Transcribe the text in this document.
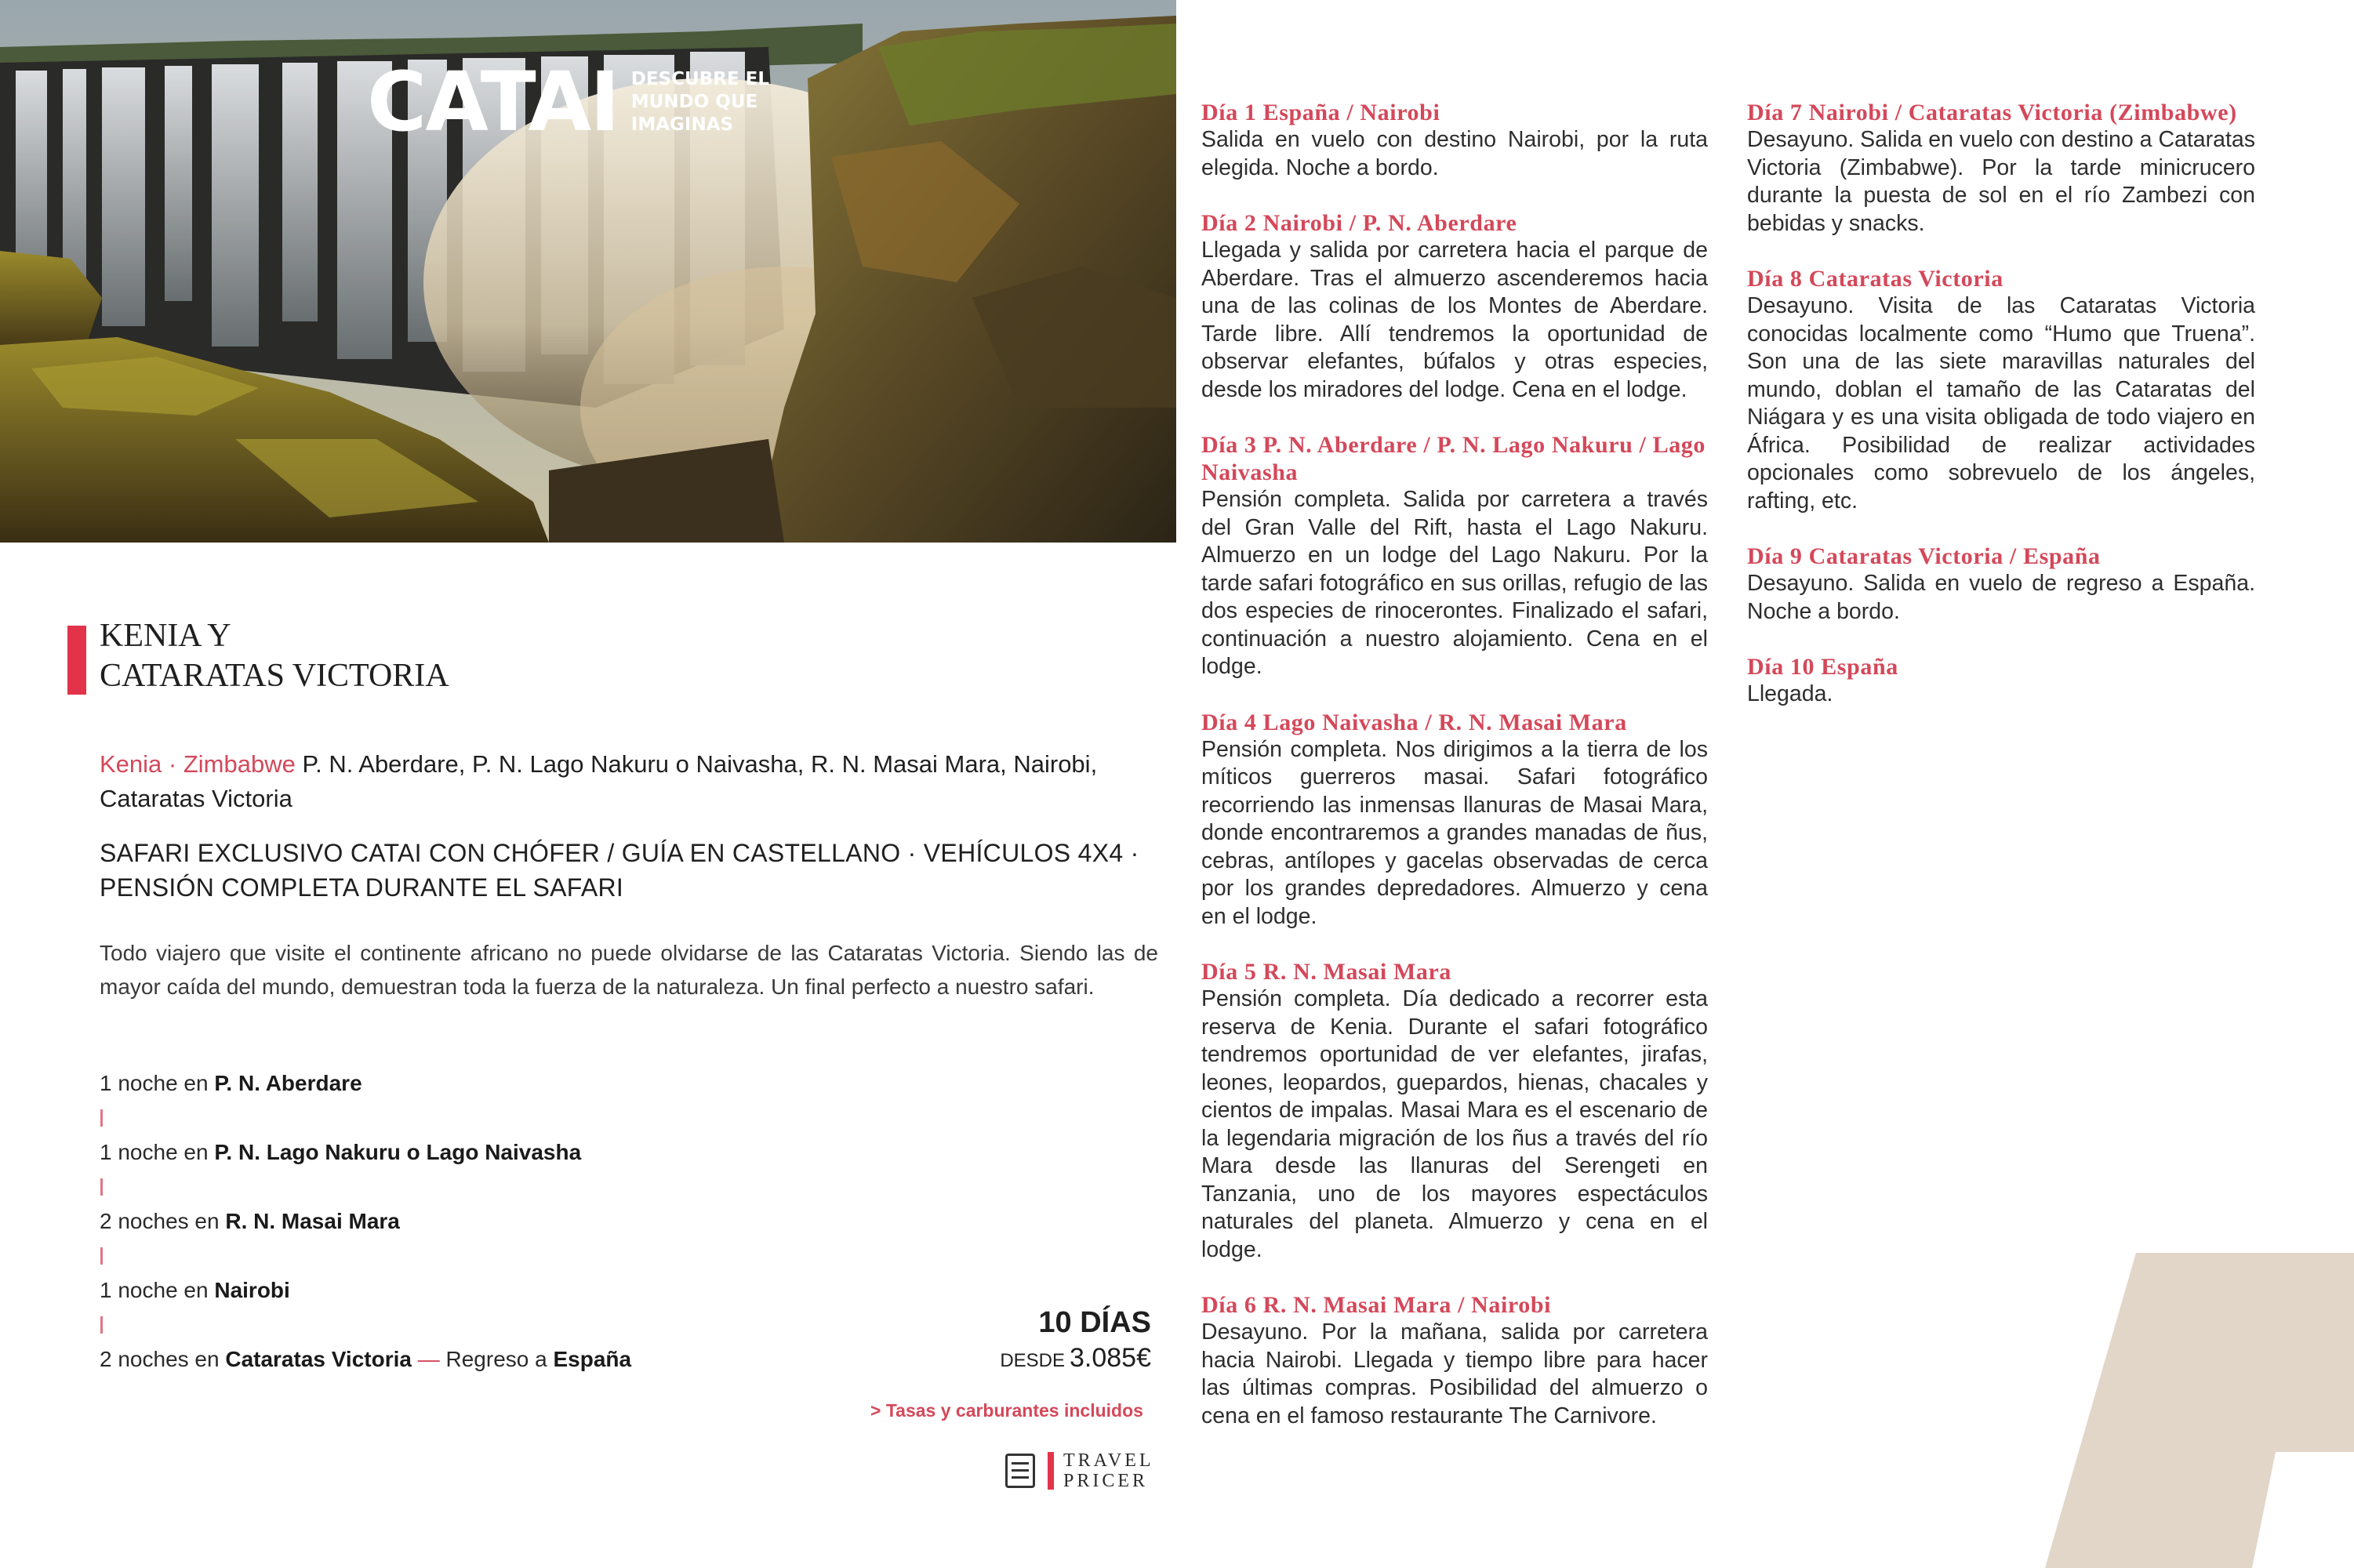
CATAI DESCUBRE EL
MUNDO QUE
IMAGINAS
KENIA Y
CATARATAS VICTORIA
Kenia · Zimbabwe P. N. Aberdare, P. N. Lago Nakuru o Naivasha, R. N. Masai Mara, Nairobi, Cataratas Victoria
SAFARI EXCLUSIVO CATAI CON CHÓFER / GUÍA EN CASTELLANO · VEHÍCULOS 4X4 · PENSIÓN COMPLETA DURANTE EL SAFARI
Todo viajero que visite el continente africano no puede olvidarse de las Cataratas Victoria. Siendo las de mayor caída del mundo, demuestran toda la fuerza de la naturaleza. Un final perfecto a nuestro safari.
1 noche en P. N. Aberdare
1 noche en P. N. Lago Nakuru o Lago Naivasha
2 noches en R. N. Masai Mara
1 noche en Nairobi
2 noches en Cataratas Victoria — Regreso a España
10 DÍAS
DESDE 3.085€
> Tasas y carburantes incluidos
TRAVEL
PRICER
Día 1 España / Nairobi
Salida en vuelo con destino Nairobi, por la ruta elegida. Noche a bordo.
Día 2 Nairobi / P. N. Aberdare
Llegada y salida por carretera hacia el parque de Aberdare. Tras el almuerzo ascenderemos hacia una de las colinas de los Montes de Aberdare. Tarde libre. Allí tendremos la oportunidad de observar elefantes, búfalos y otras especies, desde los miradores del lodge. Cena en el lodge.
Día 3 P. N. Aberdare / P. N. Lago Nakuru / Lago Naivasha
Pensión completa. Salida por carretera a través del Gran Valle del Rift, hasta el Lago Nakuru. Almuerzo en un lodge del Lago Nakuru. Por la tarde safari fotográfico en sus orillas, refugio de las dos especies de rinocerontes. Finalizado el safari, continuación a nuestro alojamiento. Cena en el lodge.
Día 4 Lago Naivasha / R. N. Masai Mara
Pensión completa. Nos dirigimos a la tierra de los míticos guerreros masai. Safari fotográfico recorriendo las inmensas llanuras de Masai Mara, donde encontraremos a grandes manadas de ñus, cebras, antílopes y gacelas observadas de cerca por los grandes depredadores. Almuerzo y cena en el lodge.
Día 5 R. N. Masai Mara
Pensión completa. Día dedicado a recorrer esta reserva de Kenia. Durante el safari fotográfico tendremos oportunidad de ver elefantes, jirafas, leones, leopardos, guepardos, hienas, chacales y cientos de impalas. Masai Mara es el escenario de la legendaria migración de los ñus a través del río Mara desde las llanuras del Serengeti en Tanzania, uno de los mayores espectáculos naturales del planeta. Almuerzo y cena en el lodge.
Día 6 R. N. Masai Mara / Nairobi
Desayuno. Por la mañana, salida por carretera hacia Nairobi. Llegada y tiempo libre para hacer las últimas compras. Posibilidad del almuerzo o cena en el famoso restaurante The Carnivore.
Día 7 Nairobi / Cataratas Victoria (Zimbabwe)
Desayuno. Salida en vuelo con destino a Cataratas Victoria (Zimbabwe). Por la tarde minicrucero durante la puesta de sol en el río Zambezi con bebidas y snacks.
Día 8 Cataratas Victoria
Desayuno. Visita de las Cataratas Victoria conocidas localmente como “Humo que Truena”. Son una de las siete maravillas naturales del mundo, doblan el tamaño de las Cataratas del Niágara y es una visita obligada de todo viajero en África. Posibilidad de realizar actividades opcionales como sobrevuelo de los ángeles, rafting, etc.
Día 9 Cataratas Victoria / España
Desayuno. Salida en vuelo de regreso a España. Noche a bordo.
Día 10 España
Llegada.
